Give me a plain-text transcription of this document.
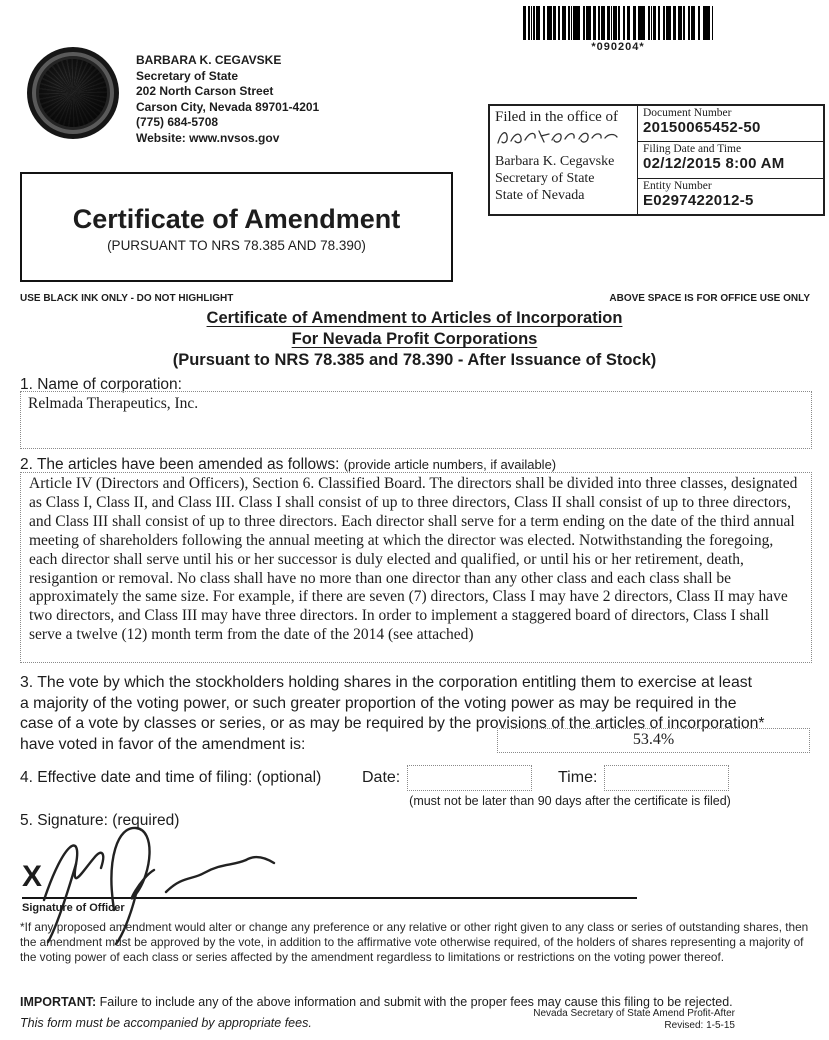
*090204*
BARBARA K. CEGAVSKE
Secretary of State
202 North Carson Street
Carson City, Nevada 89701-4201
(775) 684-5708
Website: www.nvsos.gov
Filed in the office of
Barbara K. Cegavske
Secretary of State
State of Nevada
Document Number
20150065452-50
Filing Date and Time
02/12/2015 8:00 AM
Entity Number
E0297422012-5
Certificate of Amendment
(PURSUANT TO NRS 78.385 AND 78.390)
USE BLACK INK ONLY - DO NOT HIGHLIGHT	ABOVE SPACE IS FOR OFFICE USE ONLY
Certificate of Amendment to Articles of Incorporation
For Nevada Profit Corporations
(Pursuant to NRS 78.385 and 78.390 - After Issuance of Stock)
1. Name of corporation:
Relmada Therapeutics, Inc.
2. The articles have been amended as follows: (provide article numbers, if available)
Article IV (Directors and Officers), Section 6. Classified Board. The directors shall be divided into three classes, designated as Class I, Class II, and Class III. Class I shall consist of up to three directors, Class II shall consist of up to three directors, and Class III shall consist of up to three directors. Each director shall serve for a term ending on the date of the third annual meeting of shareholders following the annual meeting at which the director was elected. Notwithstanding the foregoing, each director shall serve until his or her successor is duly elected and qualified, or until his or her retirement, death, resigantion or removal. No class shall have no more than one director than any other class and each class shall be approximately the same size. For example, if there are seven (7) directors, Class I may have 2 directors, Class II may have two directors, and Class III may have three directors. In order to implement a staggered board of directors, Class I shall serve a twelve (12) month term from the date of the 2014 (see attached)
3. The vote by which the stockholders holding shares in the corporation entitling them to exercise at least a majority of the voting power, or such greater proportion of the voting power as may be required in the case of a vote by classes or series, or as may be required by the provisions of the articles of incorporation* have voted in favor of the amendment is:	53.4%
4. Effective date and time of filing: (optional)	Date:	Time:
(must not be later than 90 days after the certificate is filed)
5. Signature: (required)
X
Signature of Officer
*If any proposed amendment would alter or change any preference or any relative or other right given to any class or series of outstanding shares, then the amendment must be approved by the vote, in addition to the affirmative vote otherwise required, of the holders of shares representing a majority of the voting power of each class or series affected by the amendment regardless to limitations or restrictions on the voting power thereof.
IMPORTANT: Failure to include any of the above information and submit with the proper fees may cause this filing to be rejected.
This form must be accompanied by appropriate fees.
Nevada Secretary of State Amend Profit-After
Revised: 1-5-15
